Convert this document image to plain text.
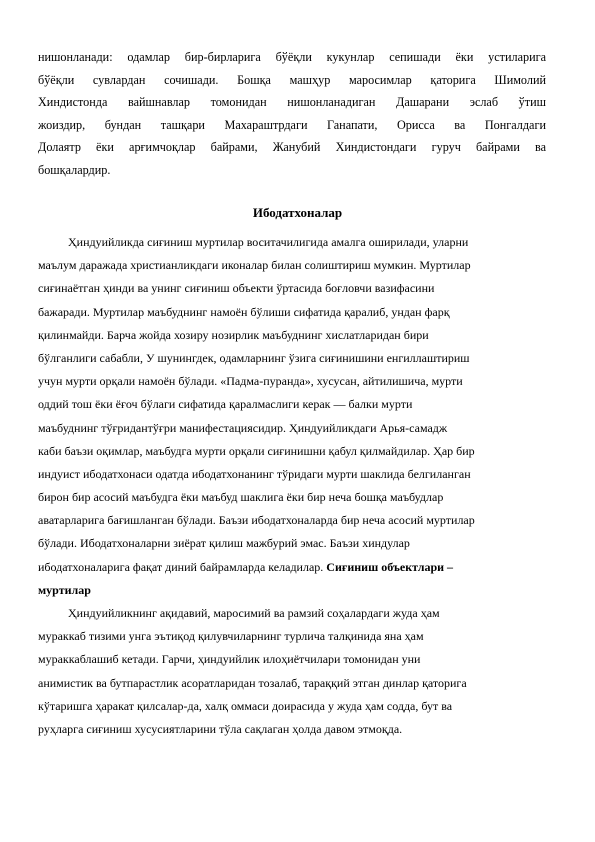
нишонланади: одамлар бир-бирларига бўёқли кукунлар сепишади ёки устиларига
бўёқли сувлардан сочишади. Бошқа машҳур маросимлар қаторига Шимолий
Хиндистонда вайшнавлар томонидан нишонланадиган Дашарани эслаб ўтиш
жоиздир, бундан ташқари Махараштрдаги Ганапати, Орисса ва Понгалдаги
Долаятр ёки арғимчоқлар байрами, Жанубий Хиндистондаги гуруч байрами ва
бошқалардир.
Ибодатхоналар
Ҳиндуийликда сиғиниш муртилар воситачилигида амалга оширилади, уларни
маълум даражада христианликдаги иконалар билан солиштириш мумкин. Муртилар
сиғинаётган ҳинди ва унинг сиғиниш объекти ўртасида боғловчи вазифасини
бажаради. Муртилар маъбуднинг намоён бўлиши сифатида қаралиб, ундан фарқ
қилинмайди. Барча жойда хозиру нозирлик маъбуднинг хислатларидан бири
бўлганлиги сабабли, У шунингдек, одамларнинг ўзига сиғинишини енгиллаштириш
учун мурти орқали намоён бўлади. «Падма-пуранда», хусусан, айтилишича, мурти
оддий тош ёки ёғоч бўлаги сифатида қаралмаслиги керак — балки мурти
маъбуднинг тўғридантўғри манифестациясидир. Ҳиндуийликдаги Арья-самадж
каби баъзи оқимлар, маъбудга мурти орқали сиғинишни қабул қилмайдилар. Ҳар бир
индуист ибодатхонаси одатда ибодатхонанинг тўридаги мурти шаклида белгиланган
бирон бир асосий маъбудга ёки маъбуд шаклига ёки бир неча бошқа маъбудлар
аватарларига бағишланган бўлади. Баъзи ибодатхоналарда бир неча асосий муртилар
бўлади. Ибодатхоналарни зиёрат қилиш мажбурий эмас. Баъзи хиндулар
ибодатхоналарига фақат диний байрамларда келадилар. Сиғиниш объектлари –
муртилар
Ҳиндуийликнинг ақидавий, маросимий ва рамзий соҳалардаги жуда ҳам
мураккаб тизими унга эътиқод қилувчиларнинг турлича талқинида яна ҳам
мураккаблашиб кетади. Гарчи, ҳиндуийлик илоҳиётчилари томонидан уни
анимистик ва бутпарастлик асоратларидан тозалаб, тараққий этган динлар қаторига
кўтаришга ҳаракат қилсалар-да, халқ оммаси доирасида у жуда ҳам содда, бут ва
руҳларга сиғиниш хусусиятларини тўла сақлаган ҳолда давом этмоқда.
